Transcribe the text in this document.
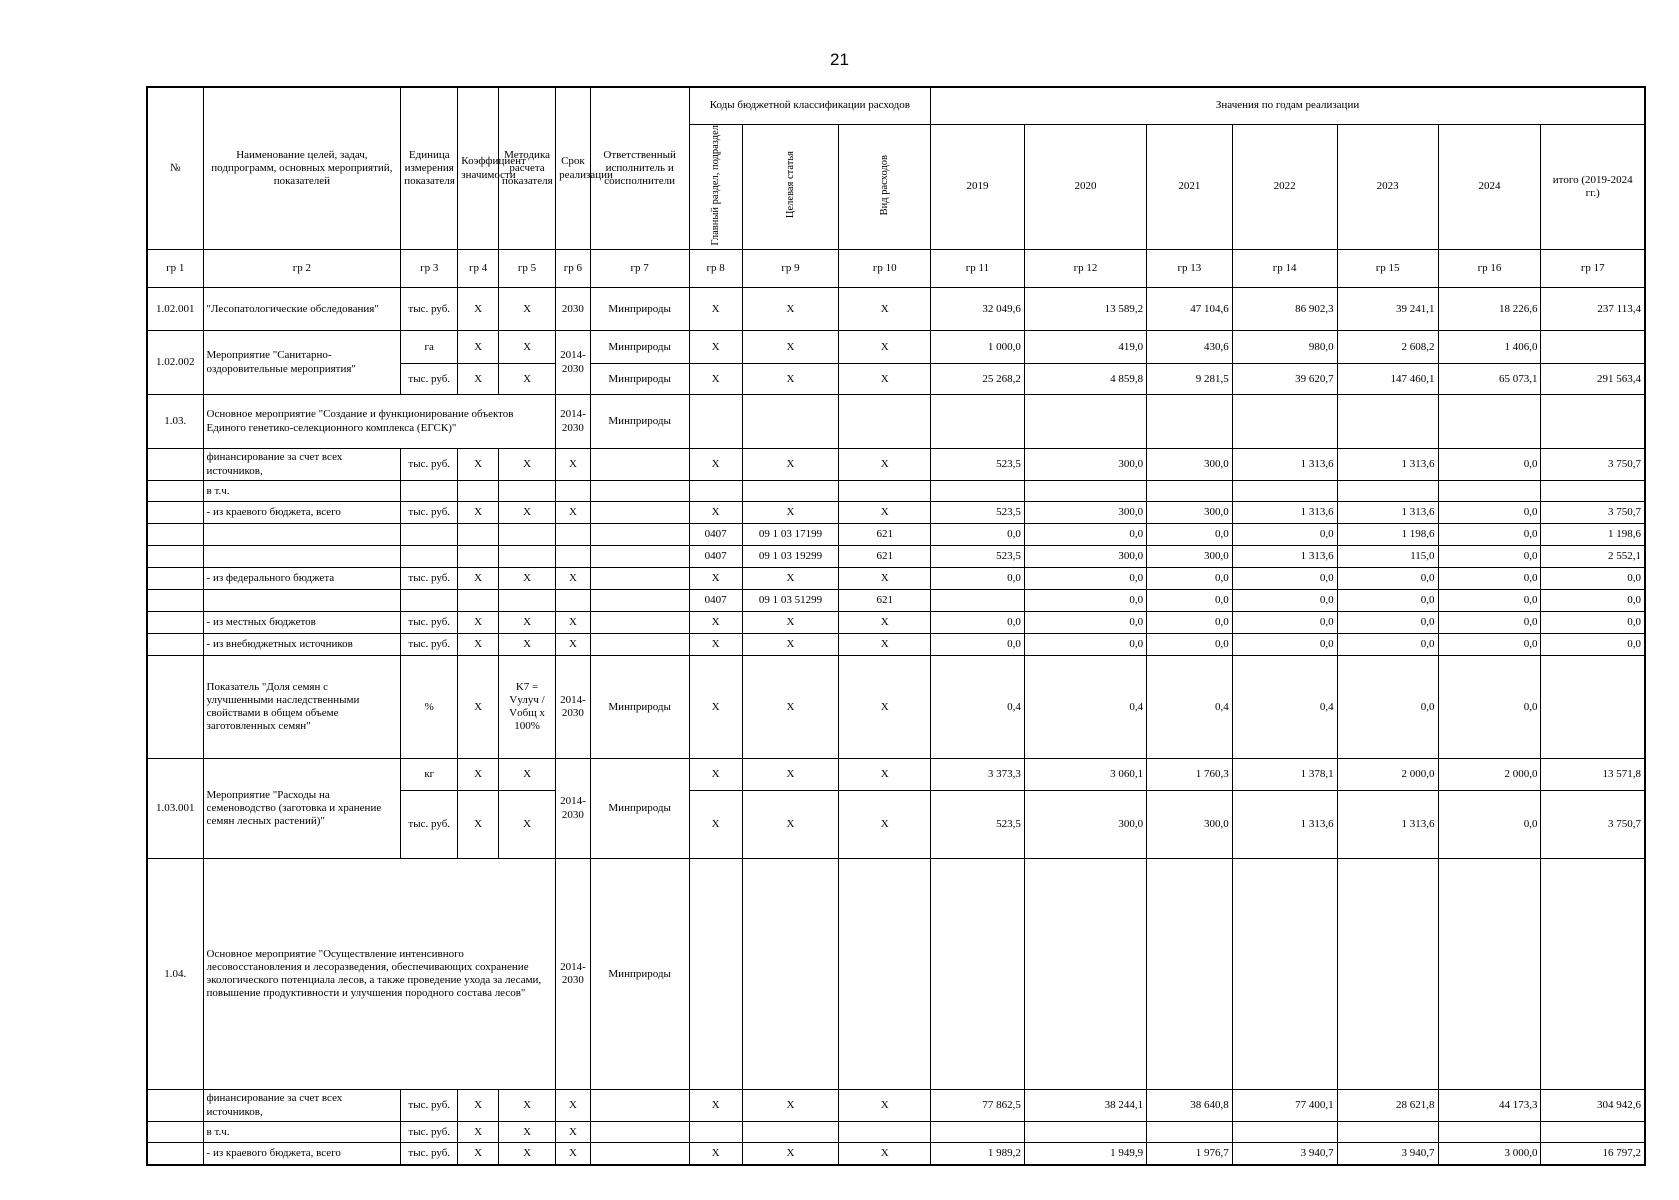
21
№	Наименование целей, задач, подпрограмм, основных мероприятий, показателей	Единица измерения показателя	Коэффициент значимости	Методика расчета показателя	Срок реализации	Ответственный исполнитель и соисполнители	Коды бюджетной классификации расходов			Значения по годам реализации						
							Главный раздел, подраздел	Целевая статья	Вид расходов	2019	2020	2021	2022	2023	2024	итого (2019-2024 гг.)
гр 1	гр 2	гр 3	гр 4	гр 5	гр 6	гр 7	гр 8	гр 9	гр 10	гр 11	гр 12	гр 13	гр 14	гр 15	гр 16	гр 17
1.02.001	"Лесопатологические обследования"	тыс. руб.	X	X	2030	Минприроды	X	X	X	32 049,6	13 589,2	47 104,6	86 902,3	39 241,1	18 226,6	237 113,4
1.02.002	Мероприятие "Санитарно-оздоровительные мероприятия"	га	X	X	2014-2030	Минприроды	X	X	X	1 000,0	419,0	430,6	980,0	2 608,2	1 406,0	
		тыс. руб.	X	X		Минприроды	X	X	X	25 268,2	4 859,8	9 281,5	39 620,7	147 460,1	65 073,1	291 563,4
1.03.	Основное мероприятие "Создание и функционирование объектов Единого генетико-селекционного комплекса (ЕГСК)"				2014-2030	Минприроды										
	финансирование за счет всех источников,	тыс. руб.	X	X	X		X	X	X	523,5	300,0	300,0	1 313,6	1 313,6	0,0	3 750,7
	в т.ч.															
	- из краевого бюджета, всего	тыс. руб.	X	X	X		X	X	X	523,5	300,0	300,0	1 313,6	1 313,6	0,0	3 750,7
							0407	09 1 03 17199	621	0,0	0,0	0,0	0,0	1 198,6	0,0	1 198,6
							0407	09 1 03 19299	621	523,5	300,0	300,0	1 313,6	115,0	0,0	2 552,1
	- из федерального бюджета	тыс. руб.	X	X	X		X	X	X	0,0	0,0	0,0	0,0	0,0	0,0	0,0
							0407	09 1 03 51299	621		0,0	0,0	0,0	0,0	0,0	0,0
	- из местных бюджетов	тыс. руб.	X	X	X		X	X	X	0,0	0,0	0,0	0,0	0,0	0,0	0,0
	- из внебюджетных источников	тыс. руб.	X	X	X		X	X	X	0,0	0,0	0,0	0,0	0,0	0,0	0,0
	Показатель "Доля семян с улучшенными наследственными свойствами в общем объеме заготовленных семян"	%	X	K7 =
Vулуч /
Vобщ x
100%	2014-2030	Минприроды	X	X	X	0,4	0,4	0,4	0,4	0,0	0,0	
1.03.001	Мероприятие "Расходы на семеноводство (заготовка и хранение семян лесных растений)"	кг	X	X	2014-2030	Минприроды	X	X	X	3 373,3	3 060,1	1 760,3	1 378,1	2 000,0	2 000,0	13 571,8
		тыс. руб.	X	X			X	X	X	523,5	300,0	300,0	1 313,6	1 313,6	0,0	3 750,7
1.04.	Основное мероприятие "Осуществление интенсивного лесовосстановления и лесоразведения, обеспечивающих сохранение экологического потенциала лесов, а также проведение ухода за лесами, повышение продуктивности и улучшения породного состава лесов"				2014-2030	Минприроды										
	финансирование за счет всех источников,	тыс. руб.	X	X	X		X	X	X	77 862,5	38 244,1	38 640,8	77 400,1	28 621,8	44 173,3	304 942,6
	в т.ч.	тыс. руб.	X	X	X											
	- из краевого бюджета, всего	тыс. руб.	X	X	X		X	X	X	1 989,2	1 949,9	1 976,7	3 940,7	3 940,7	3 000,0	16 797,2
